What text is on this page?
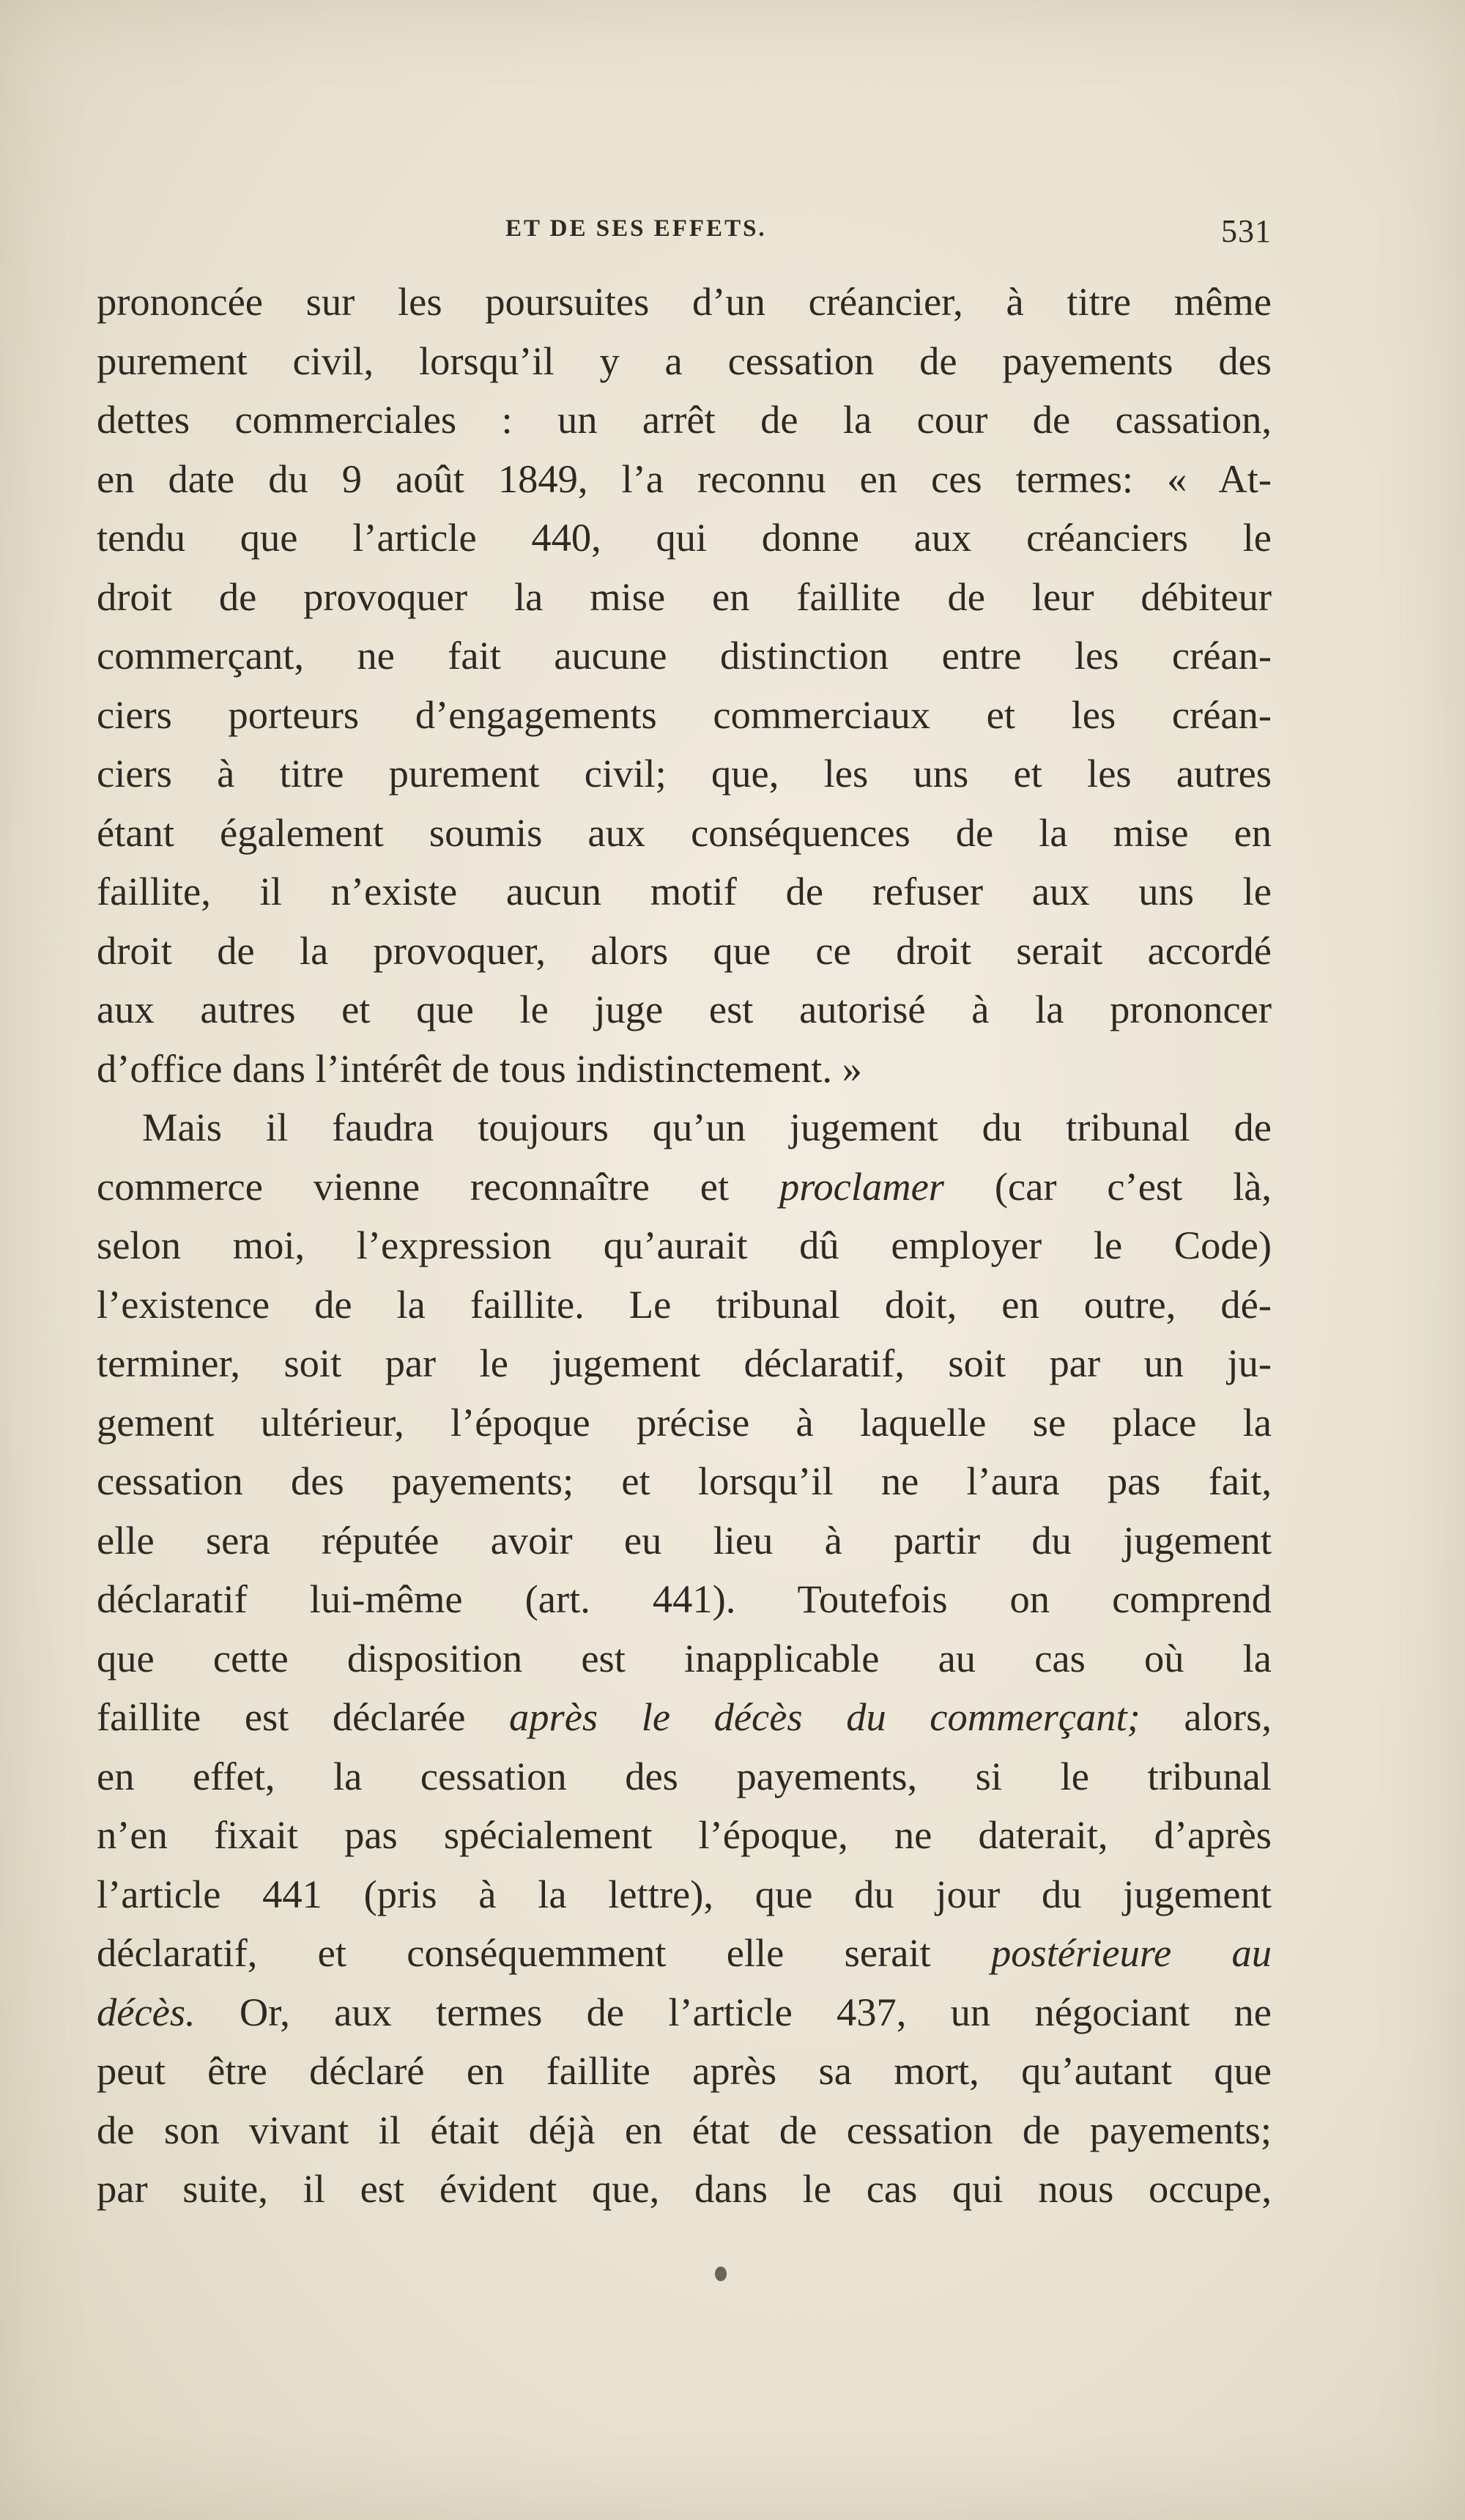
ET DE SES EFFETS.	531
prononcée sur les poursuites d’un créancier, à titre même
purement civil, lorsqu’il y a cessation de payements des
dettes commerciales : un arrêt de la cour de cassation,
en date du 9 août 1849, l’a reconnu en ces termes: « At-
tendu que l’article 440, qui donne aux créanciers le
droit de provoquer la mise en faillite de leur débiteur
commerçant, ne fait aucune distinction entre les créan-
ciers porteurs d’engagements commerciaux et les créan-
ciers à titre purement civil; que, les uns et les autres
étant également soumis aux conséquences de la mise en
faillite, il n’existe aucun motif de refuser aux uns le
droit de la provoquer, alors que ce droit serait accordé
aux autres et que le juge est autorisé à la prononcer
d’office dans l’intérêt de tous indistinctement. »
Mais il faudra toujours qu’un jugement du tribunal de
commerce vienne reconnaître et proclamer (car c’est là,
selon moi, l’expression qu’aurait dû employer le Code)
l’existence de la faillite. Le tribunal doit, en outre, dé-
terminer, soit par le jugement déclaratif, soit par un ju-
gement ultérieur, l’époque précise à laquelle se place la
cessation des payements; et lorsqu’il ne l’aura pas fait,
elle sera réputée avoir eu lieu à partir du jugement
déclaratif lui-même (art. 441). Toutefois on comprend
que cette disposition est inapplicable au cas où la
faillite est déclarée après le décès du commerçant; alors,
en effet, la cessation des payements, si le tribunal
n’en fixait pas spécialement l’époque, ne daterait, d’après
l’article 441 (pris à la lettre), que du jour du jugement
déclaratif, et conséquemment elle serait postérieure au
décès. Or, aux termes de l’article 437, un négociant ne
peut être déclaré en faillite après sa mort, qu’autant que
de son vivant il était déjà en état de cessation de payements;
par suite, il est évident que, dans le cas qui nous occupe,
